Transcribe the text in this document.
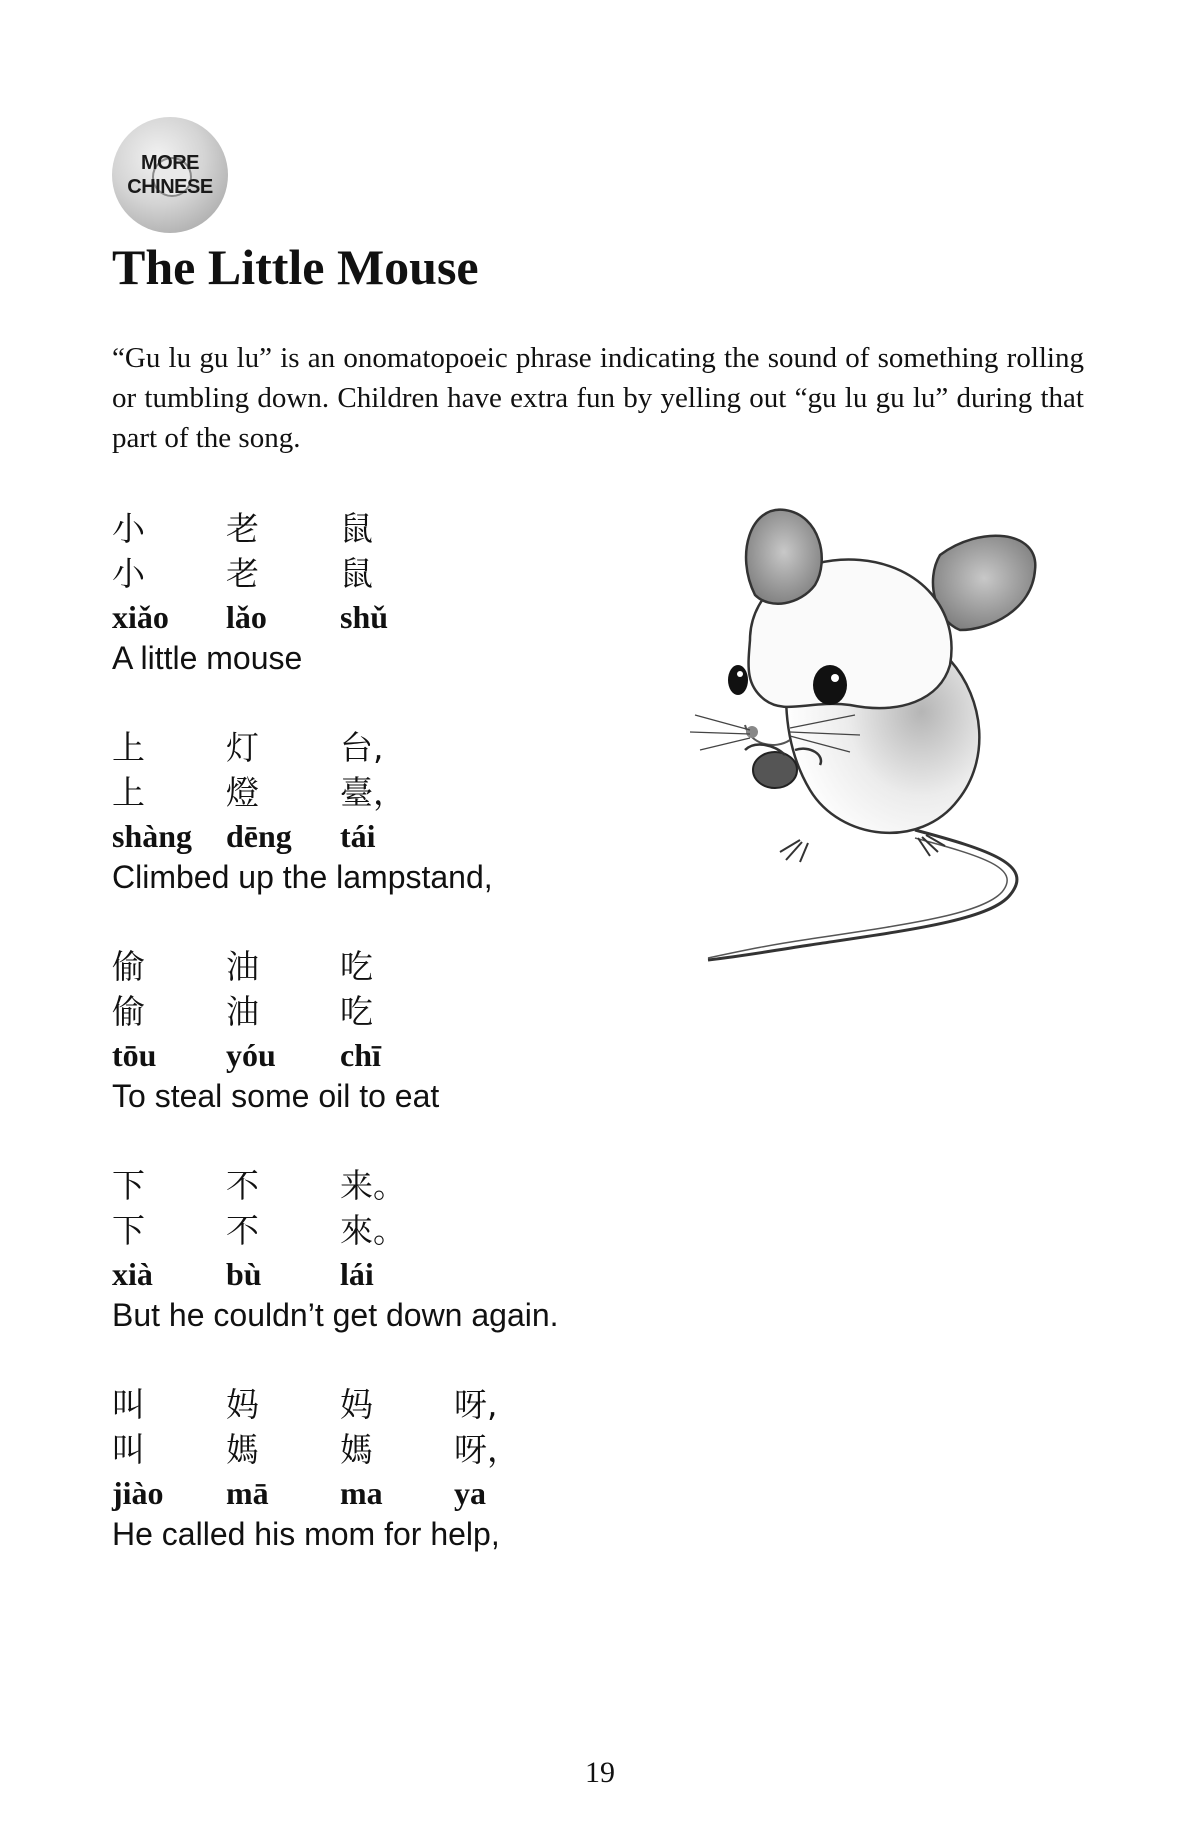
MORE
CHINESE
The Little Mouse

“Gu lu gu lu” is an onomatopoeic phrase indicating the sound of something rolling or tumbling down. Children have extra fun by yelling out “gu lu gu lu” during that part of the song.

小	老	鼠
小	老	鼠
xiǎo	lǎo	shǔ
A little mouse
上	灯	台,
上	燈	臺，
shàng	dēng	tái
Climbed up the lampstand,
偷	油	吃
偷	油	吃
tōu	yóu	chī
To steal some oil to eat
下	不	来。
下	不	來。
xià	bù	lái
But he couldn’t get down again.
叫	妈	妈	呀,
叫	媽	媽	呀，
jiào	mā	ma	ya
He called his mom for help,
19
